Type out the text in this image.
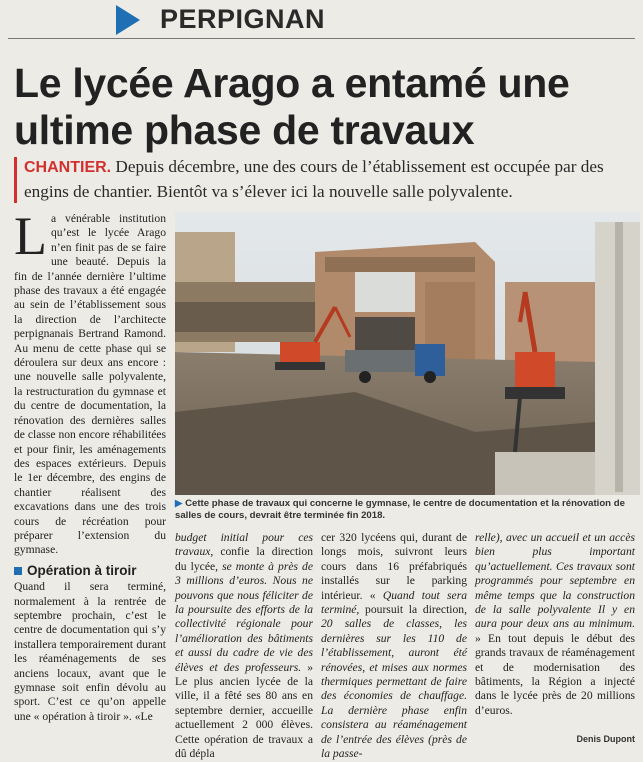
PERPIGNAN
Le lycée Arago a entamé une ultime phase de travaux

CHANTIER. Depuis décembre, une des cours de l’établissement est occupée par des engins de chantier. Bientôt va s’élever ici la nouvelle salle polyvalente.

La vénérable institution qu’est le lycée Arago n’en finit pas de se faire une beauté. Depuis la fin de l’année dernière l’ultime phase des travaux a été engagée au sein de l’établissement sous la direction de l’architecte perpignanais Bertrand Ramond. Au menu de cette phase qui se déroulera sur deux ans encore : une nouvelle salle polyvalente, la restructuration du gymnase et du centre de documentation, la rénovation des dernières salles de classe non encore réhabilitées et pour finir, les aménagements des espaces extérieurs. Depuis le 1er décembre, des engins de chantier réalisent des excavations dans une des trois cours de récréation pour préparer l’extension du gymnase.

Opération à tiroir

Quand il sera terminé, normalement à la rentrée de septembre prochain, c’est le centre de documentation qui s’y installera temporairement durant les réaménagements de ses anciens locaux, avant que le gymnase soit enfin dévolu au sport. C’est ce qu’on appelle une « opération à tiroir ». «Le

▶ Cette phase de travaux qui concerne le gymnase, le centre de documentation et la rénovation de salles de cours, devrait être terminée fin 2018.

budget initial pour ces travaux, confie la direction du lycée, se monte à près de 3 millions d’euros. Nous ne pouvons que nous féliciter de la poursuite des efforts de la collectivité régionale pour l’amélioration des bâtiments et aussi du cadre de vie des élèves et des professeurs. » Le plus ancien lycée de la ville, il a fêté ses 80 ans en septembre dernier, accueille actuellement 2 000 élèves. Cette opération de travaux a dû dépla

cer 320 lycéens qui, durant de longs mois, suivront leurs cours dans 16 préfabriqués installés sur le parking intérieur. « Quand tout sera terminé, poursuit la direction, 20 salles de classes, les dernières sur les 110 de l’établissement, auront été rénovées, et mises aux normes thermiques permettant de faire des économies de chauffage. La dernière phase enfin consistera au réaménagement de l’entrée des élèves (près de la passe-

relle), avec un accueil et un accès bien plus important qu’actuellement. Ces travaux sont programmés pour septembre en même temps que la construction de la salle polyvalente Il y en aura pour deux ans au minimum. » En tout depuis le début des grands travaux de réaménagement et de modernisation des bâtiments, la Région a injecté dans le lycée près de 20 millions d’euros.

Denis Dupont
